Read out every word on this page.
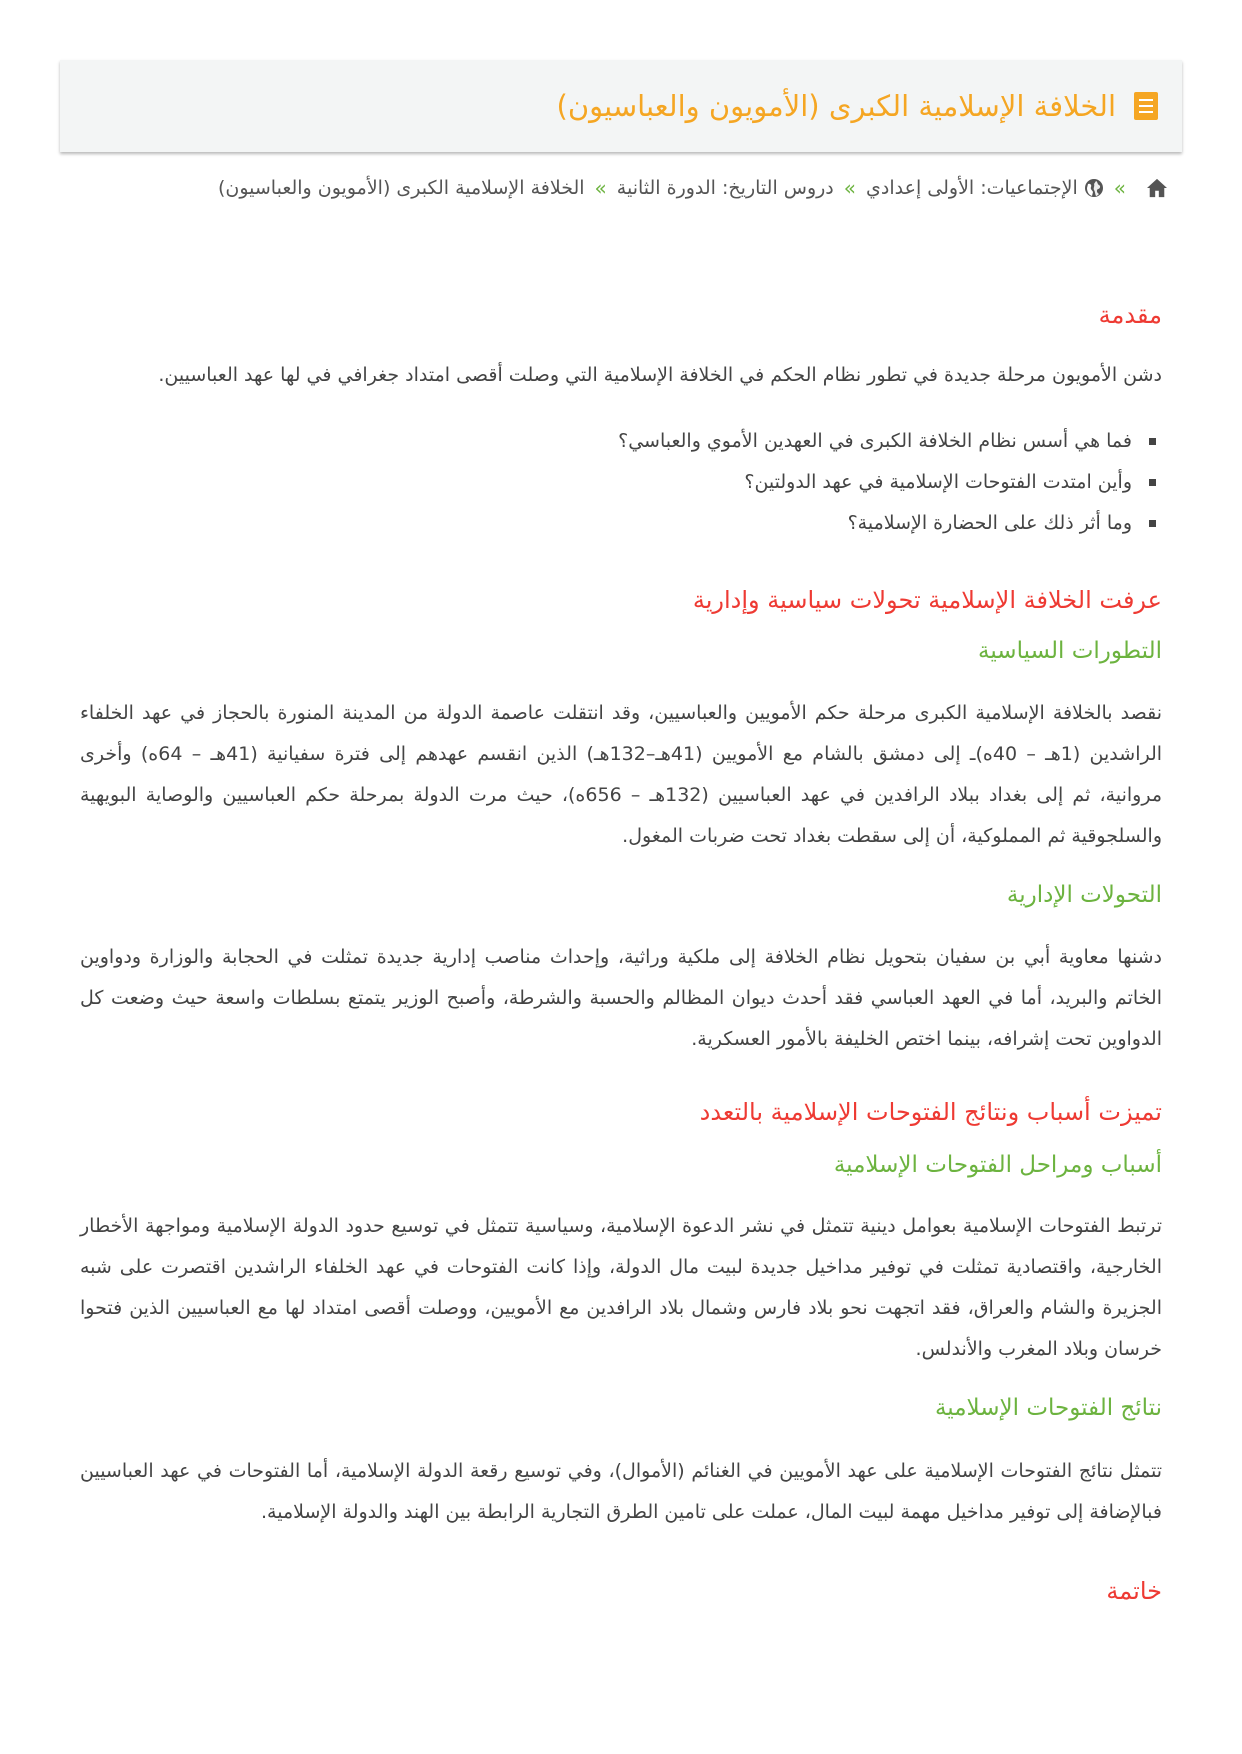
الخلافة الإسلامية الكبرى (الأمويون والعباسيون)
»
الإجتماعيات: الأولى إعدادي
»
دروس التاريخ: الدورة الثانية
»
الخلافة الإسلامية الكبرى (الأمويون والعباسيون)
مقدمة

دشن الأمويون مرحلة جديدة في تطور نظام الحكم في الخلافة الإسلامية التي وصلت أقصى امتداد جغرافي في لها عهد العباسيين.

فما هي أسس نظام الخلافة الكبرى في العهدين الأموي والعباسي؟
وأين امتدت الفتوحات الإسلامية في عهد الدولتين؟
وما أثر ذلك على الحضارة الإسلامية؟
عرفت الخلافة الإسلامية تحولات سياسية وإدارية
التطورات السياسية

نقصد بالخلافة الإسلامية الكبرى مرحلة حكم الأمويين والعباسيين، وقد انتقلت عاصمة الدولة من المدينة المنورة بالحجاز في عهد الخلفاء الراشدين (1هـ – 40ه)ـ إلى دمشق بالشام مع الأمويين (41هـ–132هـ) الذين انقسم عهدهم إلى فترة سفيانية (41هـ – 64ه) وأخرى مروانية، ثم إلى بغداد ببلاد الرافدين في عهد العباسيين (132هـ – 656ه)، حيث مرت الدولة بمرحلة حكم العباسيين والوصاية البويهية والسلجوقية ثم المملوكية، أن إلى سقطت بغداد تحت ضربات المغول.

التحولات الإدارية

دشنها معاوية أبي بن سفيان بتحويل نظام الخلافة إلى ملكية وراثية، وإحداث مناصب إدارية جديدة تمثلت في الحجابة والوزارة ودواوين الخاتم والبريد، أما في العهد العباسي فقد أحدث ديوان المظالم والحسبة والشرطة، وأصبح الوزير يتمتع بسلطات واسعة حيث وضعت كل الدواوين تحت إشرافه، بينما اختص الخليفة بالأمور العسكرية.

تميزت أسباب ونتائج الفتوحات الإسلامية بالتعدد
أسباب ومراحل الفتوحات الإسلامية

ترتبط الفتوحات الإسلامية بعوامل دينية تتمثل في نشر الدعوة الإسلامية، وسياسية تتمثل في توسيع حدود الدولة الإسلامية ومواجهة الأخطار الخارجية، واقتصادية تمثلت في توفير مداخيل جديدة لبيت مال الدولة، وإذا كانت الفتوحات في عهد الخلفاء الراشدين اقتصرت على شبه الجزيرة والشام والعراق، فقد اتجهت نحو بلاد فارس وشمال بلاد الرافدين مع الأمويين، ووصلت أقصى امتداد لها مع العباسيين الذين فتحوا خرسان وبلاد المغرب والأندلس.

نتائج الفتوحات الإسلامية

تتمثل نتائج الفتوحات الإسلامية على عهد الأمويين في الغنائم (الأموال)، وفي توسيع رقعة الدولة الإسلامية، أما الفتوحات في عهد العباسيين فبالإضافة إلى توفير مداخيل مهمة لبيت المال، عملت على تامين الطرق التجارية الرابطة بين الهند والدولة الإسلامية.

خاتمة
